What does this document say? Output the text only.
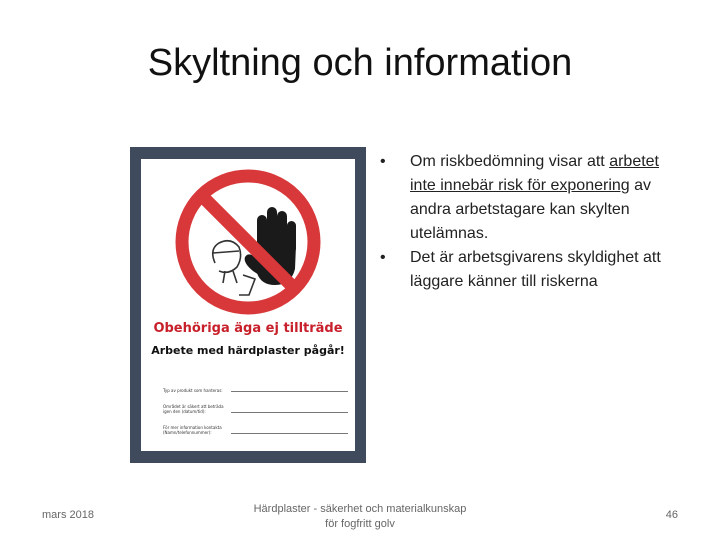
Skyltning och information
Obehöriga äga ej tillträde
Arbete med härdplaster pågår!
Typ av produkt som hanteras:
Området är säkert att beträda igen den (datum/tid):
För mer information kontakta (Namn/telefonnummer):
• Om riskbedömning visar att arbetet inte innebär risk för exponering av andra arbetstagare kan skylten utelämnas.
• Det är arbetsgivarens skyldighet att läggare känner till riskerna
mars 2018	Härdplaster - säkerhet och materialkunskap
för fogfritt golv
46
